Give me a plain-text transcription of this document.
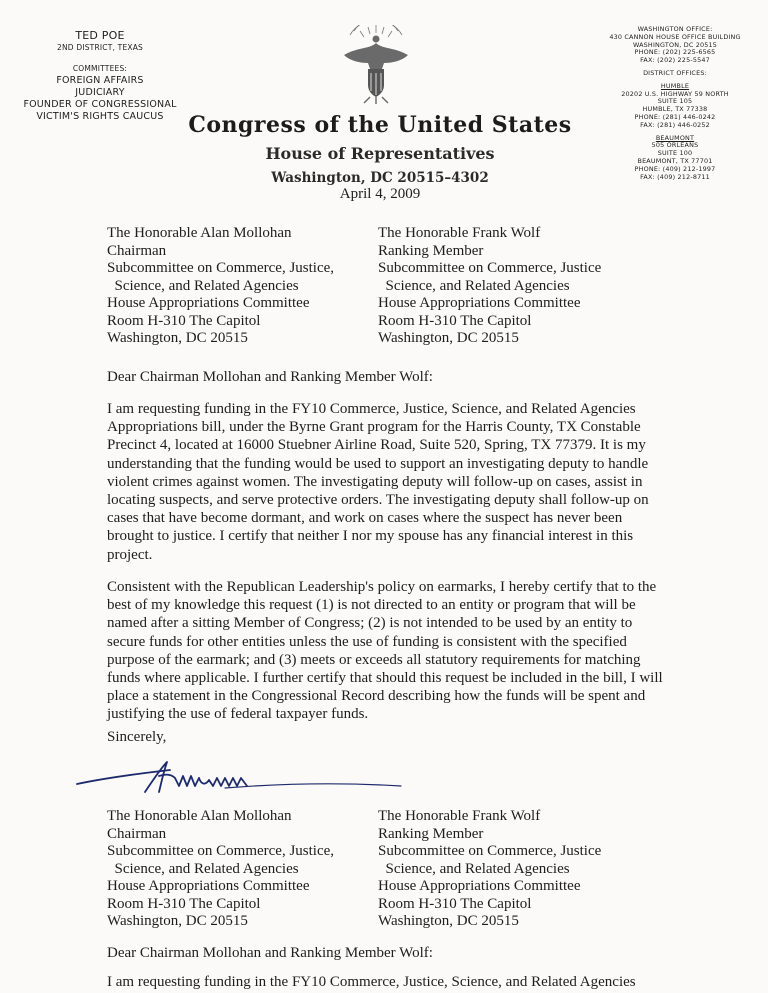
TED POE
2ND DISTRICT, TEXAS
COMMITTEES:
FOREIGN AFFAIRS
JUDICIARY
FOUNDER OF CONGRESSIONAL
VICTIM'S RIGHTS CAUCUS	Congress of the United States
House of Representatives
Washington, DC 20515–4302
April 4, 2009
WASHINGTON OFFICE:
430 CANNON HOUSE OFFICE BUILDING
WASHINGTON, DC 20515
PHONE: (202) 225-6565
FAX: (202) 225-5547
DISTRICT OFFICES:
HUMBLE
20202 U.S. HIGHWAY 59 NORTH
SUITE 105
HUMBLE, TX 77338
PHONE: (281) 446-0242
FAX: (281) 446-0252
BEAUMONT
505 ORLEANS
SUITE 100
BEAUMONT, TX 77701
PHONE: (409) 212-1997
FAX: (409) 212-8711
The Honorable Alan Mollohan
Chairman
Subcommittee on Commerce, Justice,
Science, and Related Agencies
House Appropriations Committee
Room H-310 The Capitol
Washington, DC 20515
The Honorable Frank Wolf
Ranking Member
Subcommittee on Commerce, Justice
Science, and Related Agencies
House Appropriations Committee
Room H-310 The Capitol
Washington, DC 20515
Dear Chairman Mollohan and Ranking Member Wolf:
I am requesting funding in the FY10 Commerce, Justice, Science, and Related Agencies Appropriations bill, under the Byrne Grant program for the Harris County, TX Constable Precinct 4, located at 16000 Stuebner Airline Road, Suite 520, Spring, TX 77379. It is my understanding that the funding would be used to support an investigating deputy to handle violent crimes against women. The investigating deputy will follow-up on cases, assist in locating suspects, and serve protective orders. The investigating deputy shall follow-up on cases that have become dormant, and work on cases where the suspect has never been brought to justice. I certify that neither I nor my spouse has any financial interest in this project.
Consistent with the Republican Leadership's policy on earmarks, I hereby certify that to the best of my knowledge this request (1) is not directed to an entity or program that will be named after a sitting Member of Congress; (2) is not intended to be used by an entity to secure funds for other entities unless the use of funding is consistent with the specified purpose of the earmark; and (3) meets or exceeds all statutory requirements for matching funds where applicable. I further certify that should this request be included in the bill, I will place a statement in the Congressional Record describing how the funds will be spent and justifying the use of federal taxpayer funds.
Sincerely,
The Honorable Alan Mollohan
Chairman
Subcommittee on Commerce, Justice,
Science, and Related Agencies
House Appropriations Committee
Room H-310 The Capitol
Washington, DC 20515
The Honorable Frank Wolf
Ranking Member
Subcommittee on Commerce, Justice
Science, and Related Agencies
House Appropriations Committee
Room H-310 The Capitol
Washington, DC 20515
Dear Chairman Mollohan and Ranking Member Wolf:
I am requesting funding in the FY10 Commerce, Justice, Science, and Related Agencies
